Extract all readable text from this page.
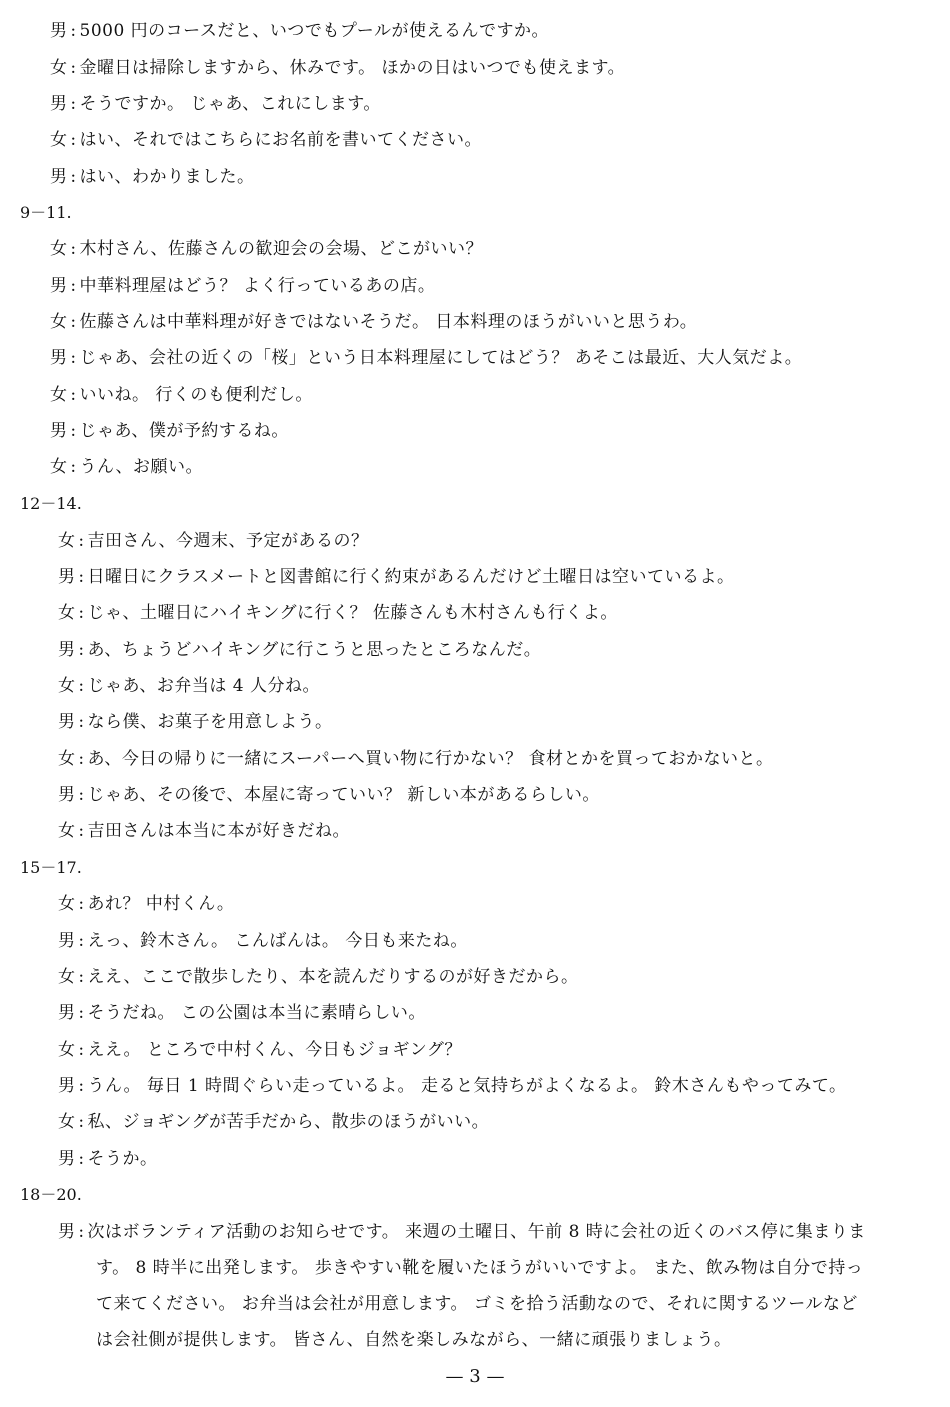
男 : 5000 円のコースだと、いつでもプールが使えるんですか。
女 : 金曜日は掃除しますから、休みです。 ほかの日はいつでも使えます。
男 : そうですか。 じゃあ、これにします。
女 : はい、それではこちらにお名前を書いてください。
男 : はい、わかりました。
9－11.
女 : 木村さん、佐藤さんの歓迎会の会場、どこがいい？
男 : 中華料理屋はどう？ よく行っているあの店。
女 : 佐藤さんは中華料理が好きではないそうだ。 日本料理のほうがいいと思うわ。
男 : じゃあ、会社の近くの「桜」という日本料理屋にしてはどう？ あそこは最近、大人気だよ。
女 : いいね。 行くのも便利だし。
男 : じゃあ、僕が予約するね。
女 : うん、お願い。
12－14.
女 : 吉田さん、今週末、予定があるの？
男 : 日曜日にクラスメートと図書館に行く約束があるんだけど土曜日は空いているよ。
女 : じゃ、土曜日にハイキングに行く？ 佐藤さんも木村さんも行くよ。
男 : あ、ちょうどハイキングに行こうと思ったところなんだ。
女 : じゃあ、お弁当は 4 人分ね。
男 : なら僕、お菓子を用意しよう。
女 : あ、今日の帰りに一緒にスーパーへ買い物に行かない？ 食材とかを買っておかないと。
男 : じゃあ、その後で、本屋に寄っていい？ 新しい本があるらしい。
女 : 吉田さんは本当に本が好きだね。
15－17.
女 : あれ？ 中村くん。
男 : えっ、鈴木さん。 こんばんは。 今日も来たね。
女 : ええ、ここで散歩したり、本を読んだりするのが好きだから。
男 : そうだね。 この公園は本当に素晴らしい。
女 : ええ。 ところで中村くん、今日もジョギング？
男 : うん。 毎日 1 時間ぐらい走っているよ。 走ると気持ちがよくなるよ。 鈴木さんもやってみて。
女 : 私、ジョギングが苦手だから、散歩のほうがいい。
男 : そうか。
18－20.
男 : 次はボランティア活動のお知らせです。 来週の土曜日、午前 8 時に会社の近くのバス停に集まりま
す。 8 時半に出発します。 歩きやすい靴を履いたほうがいいですよ。 また、飲み物は自分で持っ
て来てください。 お弁当は会社が用意します。 ゴミを拾う活動なので、それに関するツールなど
は会社側が提供します。 皆さん、自然を楽しみながら、一緒に頑張りましょう。
— 3 —
